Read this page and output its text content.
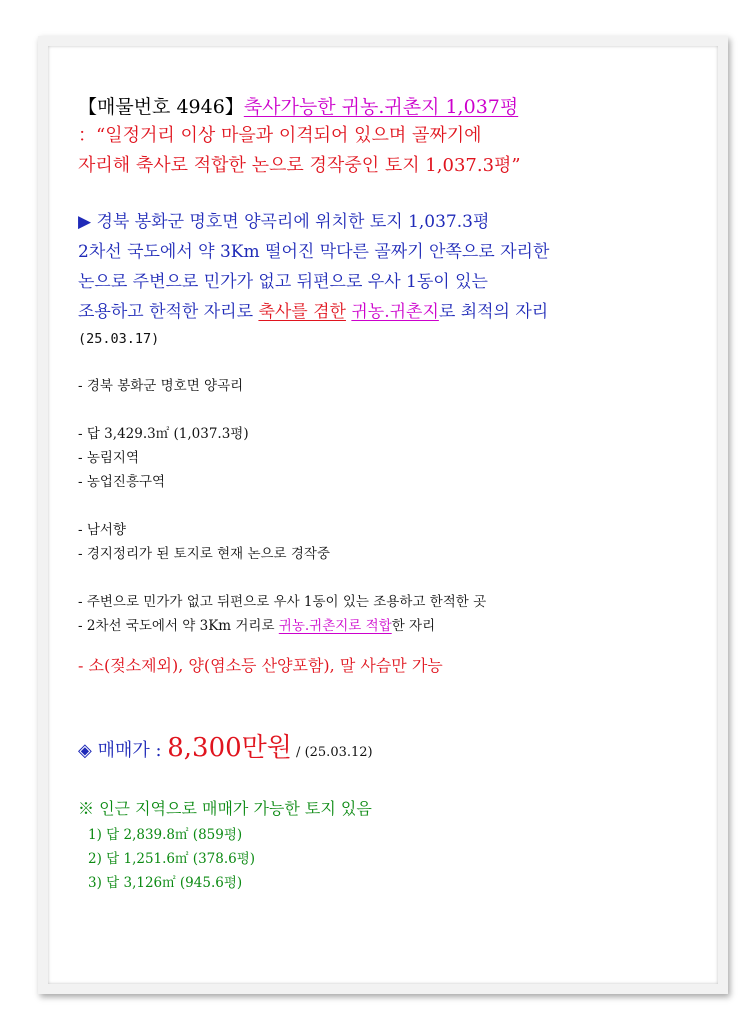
【매물번호 4946】축사가능한 귀농.귀촌지 1,037평
：“일정거리 이상 마을과 이격되어 있으며 골짜기에
자리해 축사로 적합한 논으로 경작중인 토지 1,037.3평”
▶ 경북 봉화군 명호면 양곡리에 위치한 토지 1,037.3평
2차선 국도에서 약 3Km 떨어진 막다른 골짜기 안쪽으로 자리한
논으로 주변으로 민가가 없고 뒤편으로 우사 1동이 있는
조용하고 한적한 자리로 축사를 겸한 귀농.귀촌지로 최적의 자리
(25.03.17)
- 경북 봉화군 명호면 양곡리
- 답 3,429.3㎡ (1,037.3평)
- 농림지역
- 농업진흥구역
- 남서향
- 경지정리가 된 토지로 현재 논으로 경작중
- 주변으로 민가가 없고 뒤편으로 우사 1동이 있는 조용하고 한적한 곳
- 2차선 국도에서 약 3Km 거리로 귀농.귀촌지로 적합한 자리
- 소(젖소제외), 양(염소등 산양포함), 말 사슴만 가능
◈ 매매가 : 8,300만원 / (25.03.12)
※ 인근 지역으로 매매가 가능한 토지 있음
1) 답 2,839.8㎡ (859평)
2) 답 1,251.6㎡ (378.6평)
3) 답 3,126㎡ (945.6평)
